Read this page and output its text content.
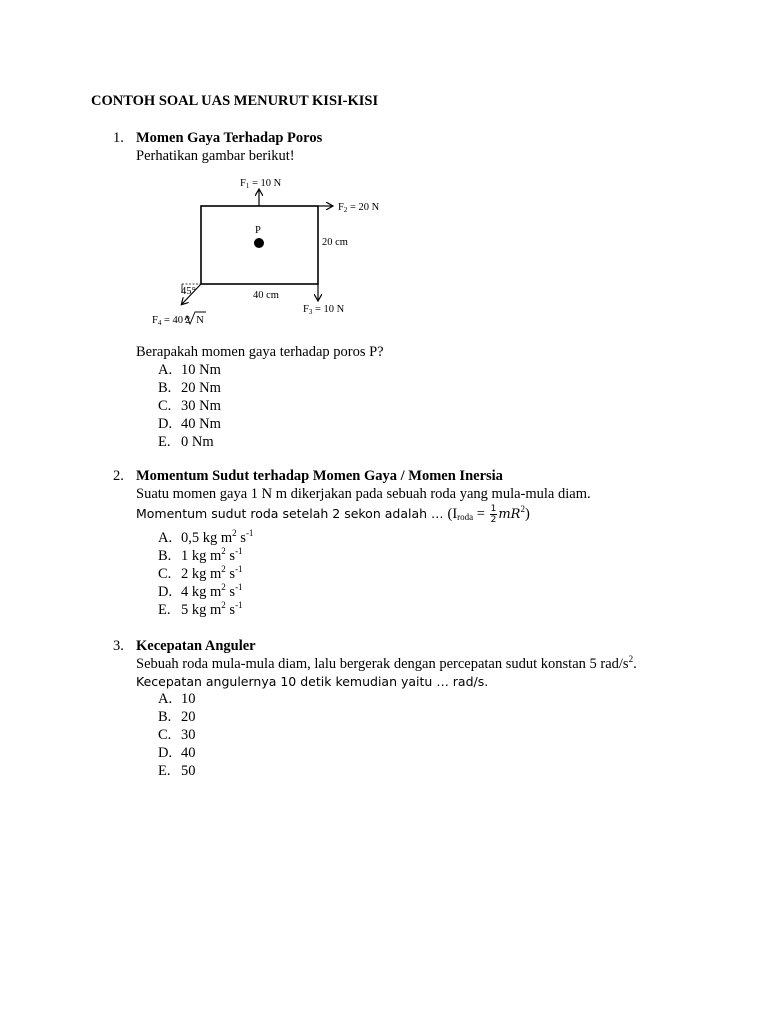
CONTOH SOAL UAS MENURUT KISI-KISI
1. Momen Gaya Terhadap Poros
Perhatikan gambar berikut!
P
F1 = 10 N
F2 = 20 N
20 cm
F3 = 10 N
40 cm
45°
F4 = 40 2 N
Berapakah momen gaya terhadap poros P?
A. 10 Nm
B. 20 Nm
C. 30 Nm
D. 40 Nm
E. 0 Nm
2. Momentum Sudut terhadap Momen Gaya / Momen Inersia
Suatu momen gaya 1 N m dikerjakan pada sebuah roda yang mula-mula diam.
Momentum sudut roda setelah 2 sekon adalah … $(I_{roda} = \frac{1}{2} mR^2)$
A. 0,5 kg $m^2$ $s^{-1}$
B. 1 kg $m^2$ $s^{-1}$
C. 2 kg $m^2$ $s^{-1}$
D. 4 kg $m^2$ $s^{-1}$
E. 5 kg $m^2$ $s^{-1}$
3. Kecepatan Anguler
Sebuah roda mula-mula diam, lalu bergerak dengan percepatan sudut konstan 5 rad/$s^2$.
Kecepatan angulernya 10 detik kemudian yaitu … rad/s.
A. 10
B. 20
C. 30
D. 40
E. 50
